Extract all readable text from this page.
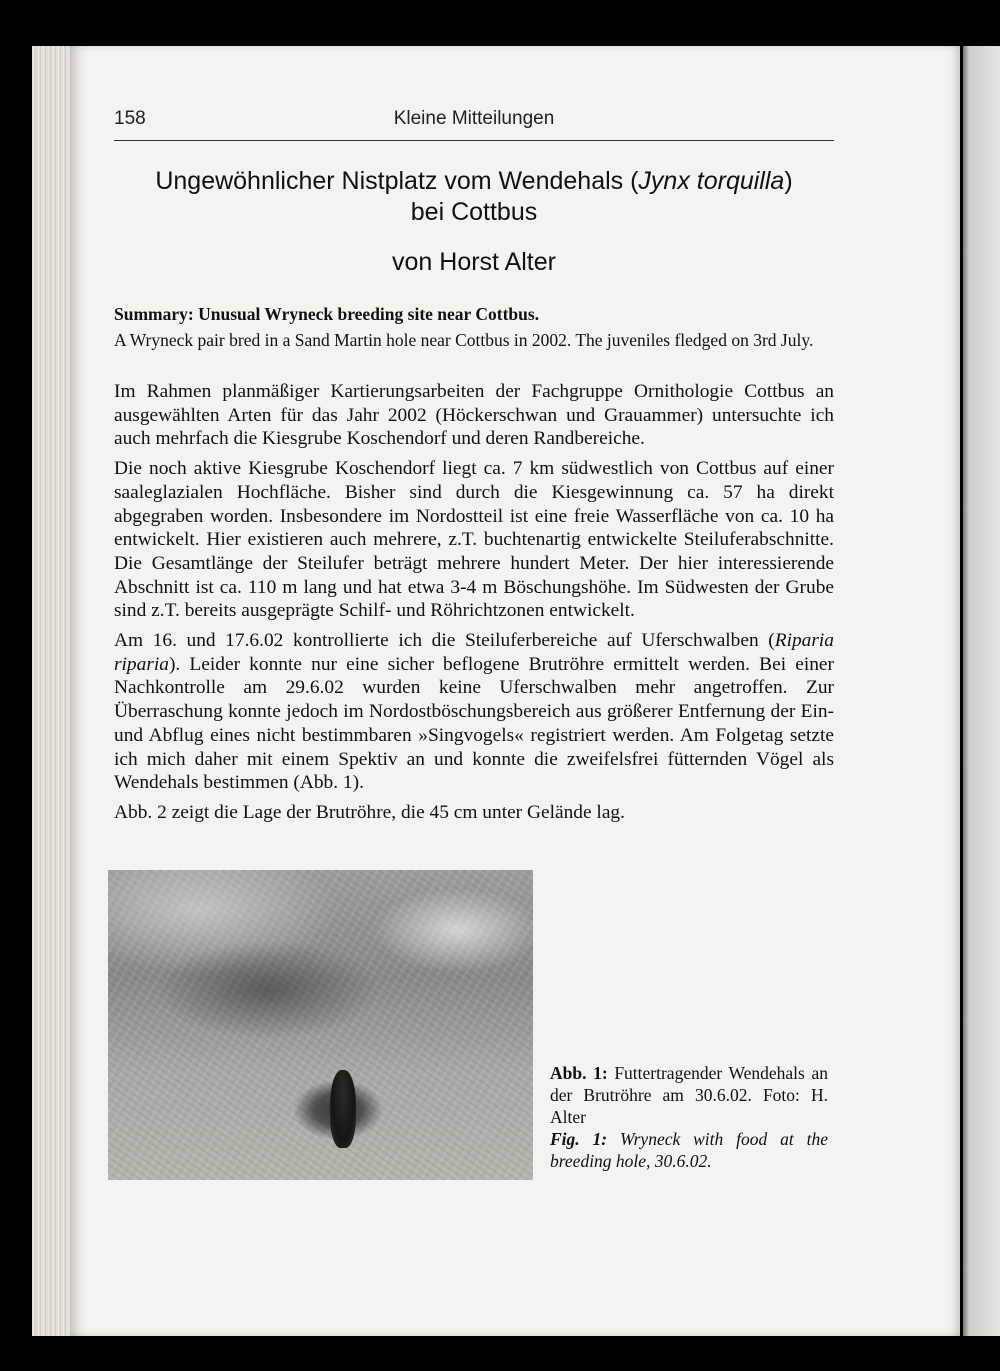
158	Kleine Mitteilungen
Ungewöhnlicher Nistplatz vom Wendehals (Jynx torquilla)
bei Cottbus
von Horst Alter
Summary: Unusual Wryneck breeding site near Cottbus.
A Wryneck pair bred in a Sand Martin hole near Cottbus in 2002. The juveniles fledged on 3rd July.

Im Rahmen planmäßiger Kartierungsarbeiten der Fachgruppe Ornithologie Cottbus an ausgewählten Arten für das Jahr 2002 (Höckerschwan und Grauammer) untersuchte ich auch mehrfach die Kiesgrube Koschendorf und deren Randbereiche.

Die noch aktive Kiesgrube Koschendorf liegt ca. 7 km südwestlich von Cottbus auf einer saaleglazialen Hochfläche. Bisher sind durch die Kiesgewinnung ca. 57 ha direkt abgegraben worden. Insbesondere im Nordostteil ist eine freie Wasserfläche von ca. 10 ha entwickelt. Hier existieren auch mehrere, z.T. buchtenartig entwickelte Steiluferabschnitte. Die Gesamtlänge der Steilufer beträgt mehrere hundert Meter. Der hier interessierende Abschnitt ist ca. 110 m lang und hat etwa 3-4 m Böschungshöhe. Im Südwesten der Grube sind z.T. bereits ausgeprägte Schilf- und Röhrichtzonen entwickelt.

Am 16. und 17.6.02 kontrollierte ich die Steiluferbereiche auf Uferschwalben (Riparia riparia). Leider konnte nur eine sicher beflogene Brutröhre ermittelt werden. Bei einer Nachkontrolle am 29.6.02 wurden keine Uferschwalben mehr angetroffen. Zur Überraschung konnte jedoch im Nordostböschungsbereich aus größerer Entfernung der Ein- und Abflug eines nicht bestimmbaren »Singvogels« registriert werden. Am Folgetag setzte ich mich daher mit einem Spektiv an und konnte die zweifelsfrei fütternden Vögel als Wendehals bestimmen (Abb. 1).

Abb. 2 zeigt die Lage der Brutröhre, die 45 cm unter Gelände lag.

Abb. 1: Futtertragender Wendehals an der Brutröhre am 30.6.02. Foto: H. Alter
Fig. 1: Wryneck with food at the breeding hole, 30.6.02.
